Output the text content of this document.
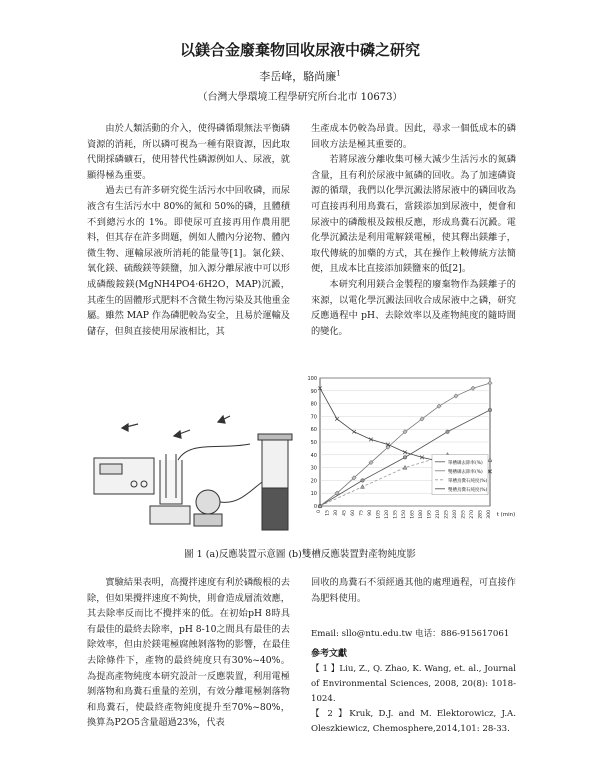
以鎂合金廢棄物回收尿液中磷之研究
李岳峰，駱尚廉$^1$
（台灣大學環境工程學研究所台北市 10673）

由於人類活動的介入，使得磷循環無法平衡磷資源的消耗，所以磷可視為一種有限資源，因此取代開採磷礦石，使用替代性磷源例如人、尿液，就顯得極為重要。

過去已有許多研究從生活污水中回收磷，而尿液含有生活污水中 80%的氮和 50%的磷，且體積不到總污水的 1%。即使尿可直接再用作農用肥料，但其存在許多問題，例如人體內分泌物、體內微生物、運輸尿液所消耗的能量等[1]。氯化鎂、氧化鎂、硫酸鎂等鎂鹽，加入源分離尿液中可以形成磷酸銨鎂(MgNH4PO4·6H2O，MAP)沉澱，其產生的固體形式肥料不含微生物污染及其他重金屬。雖然 MAP 作為磷肥較為安全，且易於運輸及儲存，但與直接使用尿液相比，其

生產成本仍較為昂貴。因此，尋求一個低成本的磷回收方法是極其重要的。

若將尿液分離收集可極大減少生活污水的氮磷含量，且有利於尿液中氮磷的回收。為了加速磷資源的循環，我們以化學沉澱法將尿液中的磷回收為可直接再利用鳥糞石，當鎂添加到尿液中，便會和尿液中的磷酸根及銨根反應，形成鳥糞石沉澱。電化學沉澱法是利用電解鎂電極，使其釋出鎂離子，取代傳統的加藥的方式，其在操作上較傳統方法簡便，且成本比直接添加鎂鹽來的低[2]。

本研究利用鎂合金製程的廢棄物作為鎂離子的來源，以電化學沉澱法回收合成尿液中之磷，研究反應過程中 pH、去除效率以及產物純度的隨時間的變化。

0
10
20
30
40
50
60
70
80
90
100
0 15 30 45 60 75 90 105 120 135 150 165 180 195 210 225 240 255 270 285 300 t (min)
單槽磷去除率(%)
雙槽磷去除率(%)
單槽鳥糞石純度(%)
雙槽鳥糞石純度(%)
圖 1 (a)反應裝置示意圖 (b)雙槽反應裝置對產物純度影

實驗結果表明，高攪拌速度有利於磷酸根的去除，但如果攪拌速度不夠快，則會造成層流效應，其去除率反而比不攪拌來的低。在初始pH 8時具有最佳的最終去除率，pH 8-10之間具有最佳的去除效率，但由於鎂電極腐蝕剝落物的影響，在最佳去除條件下，產物的最終純度只有30%~40%。為提高產物純度本研究設計一反應裝置，利用電極剝落物和鳥糞石重量的差別，有效分離電極剝落物和鳥糞石，使最終產物純度提升至70%~80%，換算為P2O5含量超過23%，代表

回收的鳥糞石不須經過其他的處理過程，可直接作為肥料使用。

Email: sllo@ntu.edu.tw 电话：886-915617061

參考文獻

【 1 】Liu, Z., Q. Zhao, K. Wang, et. al., Journal of Environmental Sciences, 2008, 20(8): 1018-1024.

【 2 】Kruk, D.J. and M. Elektorowicz, J.A. Oleszkiewicz, Chemosphere,2014,101: 28-33.
